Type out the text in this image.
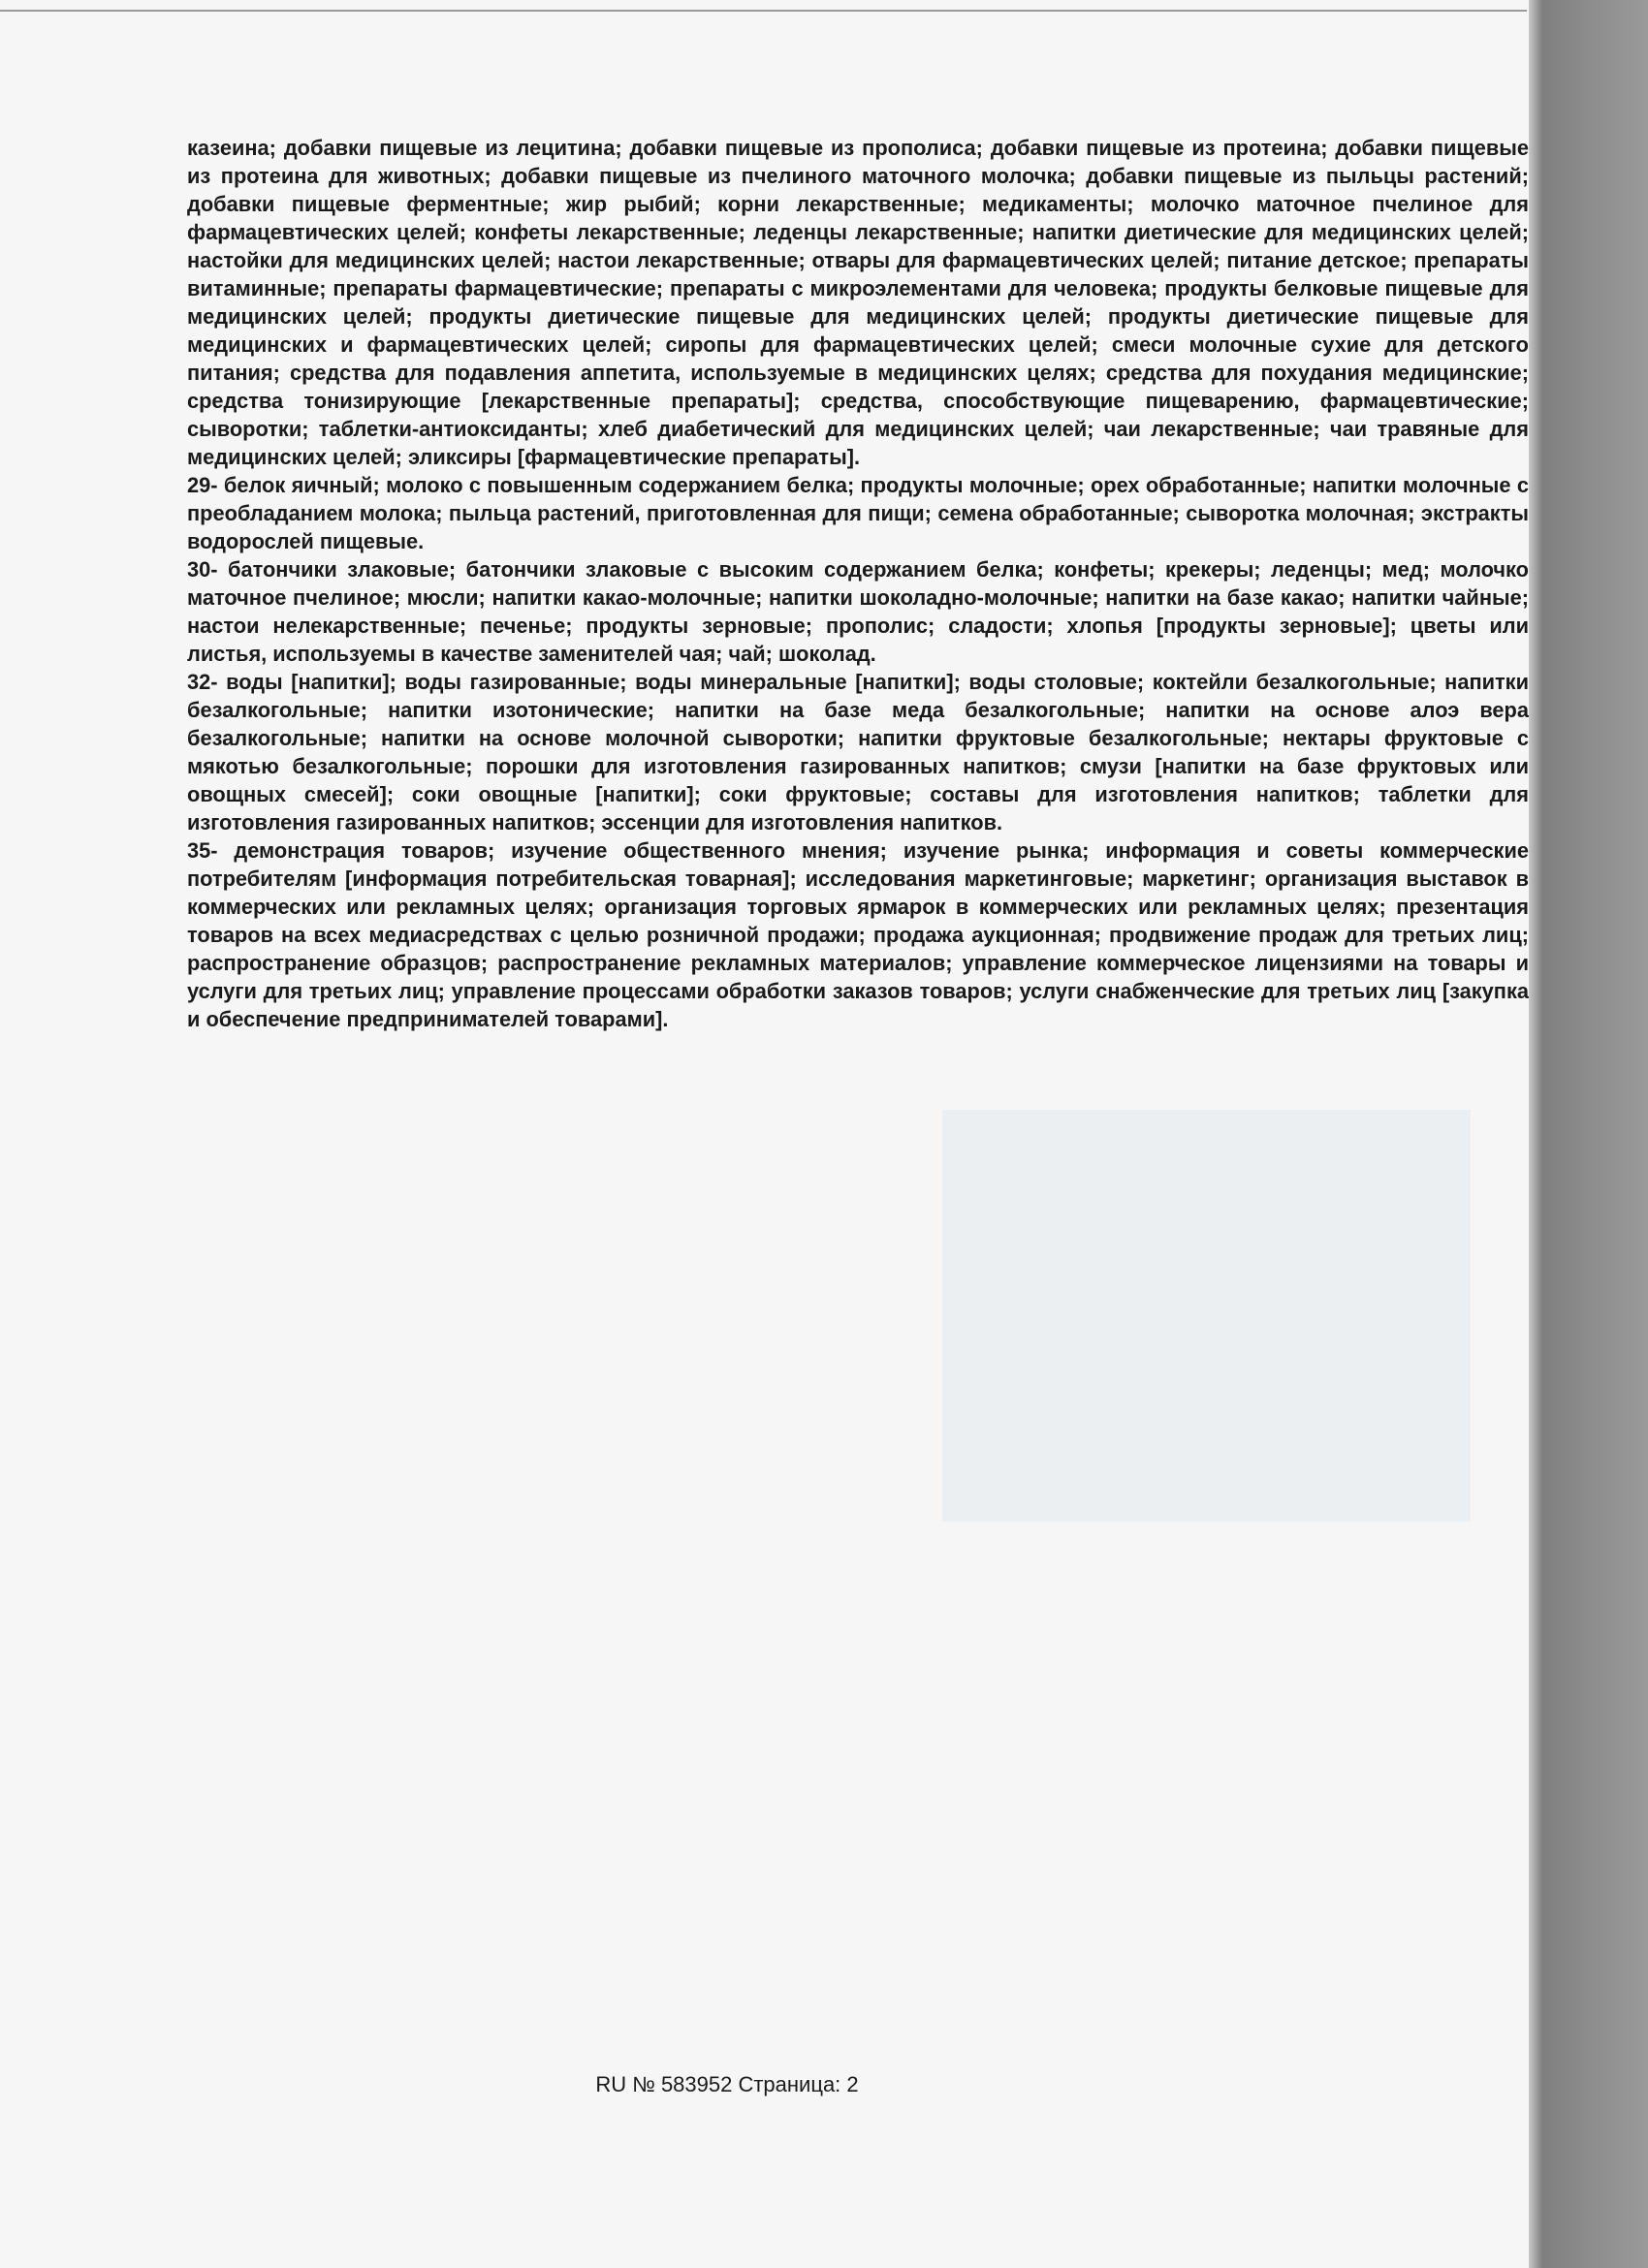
казеина; добавки пищевые из лецитина; добавки пищевые из прополиса; добавки пищевые из протеина; добавки пищевые из протеина для животных; добавки пищевые из пчелиного маточного молочка; добавки пищевые из пыльцы растений; добавки пищевые ферментные; жир рыбий; корни лекарственные; медикаменты; молочко маточное пчелиное для фармацевтических целей; конфеты лекарственные; леденцы лекарственные; напитки диетические для медицинских целей; настойки для медицинских целей; настои лекарственные; отвары для фармацевтических целей; питание детское; препараты витаминные; препараты фармацевтические; препараты с микроэлементами для человека; продукты белковые пищевые для медицинских целей; продукты диетические пищевые для медицинских целей; продукты диетические пищевые для медицинских и фармацевтических целей; сиропы для фармацевтических целей; смеси молочные сухие для детского питания; средства для подавления аппетита, используемые в медицинских целях; средства для похудания медицинские; средства тонизирующие [лекарственные препараты]; средства, способствующие пищеварению, фармацевтические; сыворотки; таблетки-антиоксиданты; хлеб диабетический для медицинских целей; чаи лекарственные; чаи травяные для медицинских целей; эликсиры [фармацевтические препараты].

29- белок яичный; молоко с повышенным содержанием белка; продукты молочные; орех обработанные; напитки молочные с преобладанием молока; пыльца растений, приготовленная для пищи; семена обработанные; сыворотка молочная; экстракты водорослей пищевые.

30- батончики злаковые; батончики злаковые с высоким содержанием белка; конфеты; крекеры; леденцы; мед; молочко маточное пчелиное; мюсли; напитки какао-молочные; напитки шоколадно-молочные; напитки на базе какао; напитки чайные; настои нелекарственные; печенье; продукты зерновые; прополис; сладости; хлопья [продукты зерновые]; цветы или листья, используемы в качестве заменителей чая; чай; шоколад.

32- воды [напитки]; воды газированные; воды минеральные [напитки]; воды столовые; коктейли безалкогольные; напитки безалкогольные; напитки изотонические; напитки на базе меда безалкогольные; напитки на основе алоэ вера безалкогольные; напитки на основе молочной сыворотки; напитки фруктовые безалкогольные; нектары фруктовые с мякотью безалкогольные; порошки для изготовления газированных напитков; смузи [напитки на базе фруктовых или овощных смесей]; соки овощные [напитки]; соки фруктовые; составы для изготовления напитков; таблетки для изготовления газированных напитков; эссенции для изготовления напитков.

35- демонстрация товаров; изучение общественного мнения; изучение рынка; информация и советы коммерческие потребителям [информация потребительская товарная]; исследования маркетинговые; маркетинг; организация выставок в коммерческих или рекламных целях; организация торговых ярмарок в коммерческих или рекламных целях; презентация товаров на всех медиасредствах с целью розничной продажи; продажа аукционная; продвижение продаж для третьих лиц; распространение образцов; распространение рекламных материалов; управление коммерческое лицензиями на товары и услуги для третьих лиц; управление процессами обработки заказов товаров; услуги снабженческие для третьих лиц [закупка и обеспечение предпринимателей товарами].

RU № 583952 Страница: 2
